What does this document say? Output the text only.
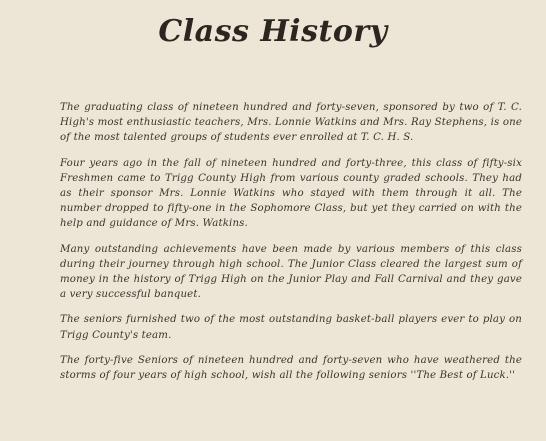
Class History

The graduating class of nineteen hundred and forty-seven, sponsored by two of T. C. High's most enthusiastic teachers, Mrs. Lonnie Watkins and Mrs. Ray Stephens, is one of the most talented groups of students ever enrolled at T. C. H. S.

Four years ago in the fall of nineteen hundred and forty-three, this class of fifty-six Freshmen came to Trigg County High from various county graded schools. They had as their sponsor Mrs. Lonnie Watkins who stayed with them through it all. The number dropped to fifty-one in the Sophomore Class, but yet they carried on with the help and guidance of Mrs. Watkins.

Many outstanding achievements have been made by various members of this class during their journey through high school. The Junior Class cleared the largest sum of money in the history of Trigg High on the Junior Play and Fall Carnival and they gave a very successful banquet.

The seniors furnished two of the most outstanding basket-ball players ever to play on Trigg County's team.

The forty-five Seniors of nineteen hundred and forty-seven who have weathered the storms of four years of high school, wish all the following seniors ''The Best of Luck.''
